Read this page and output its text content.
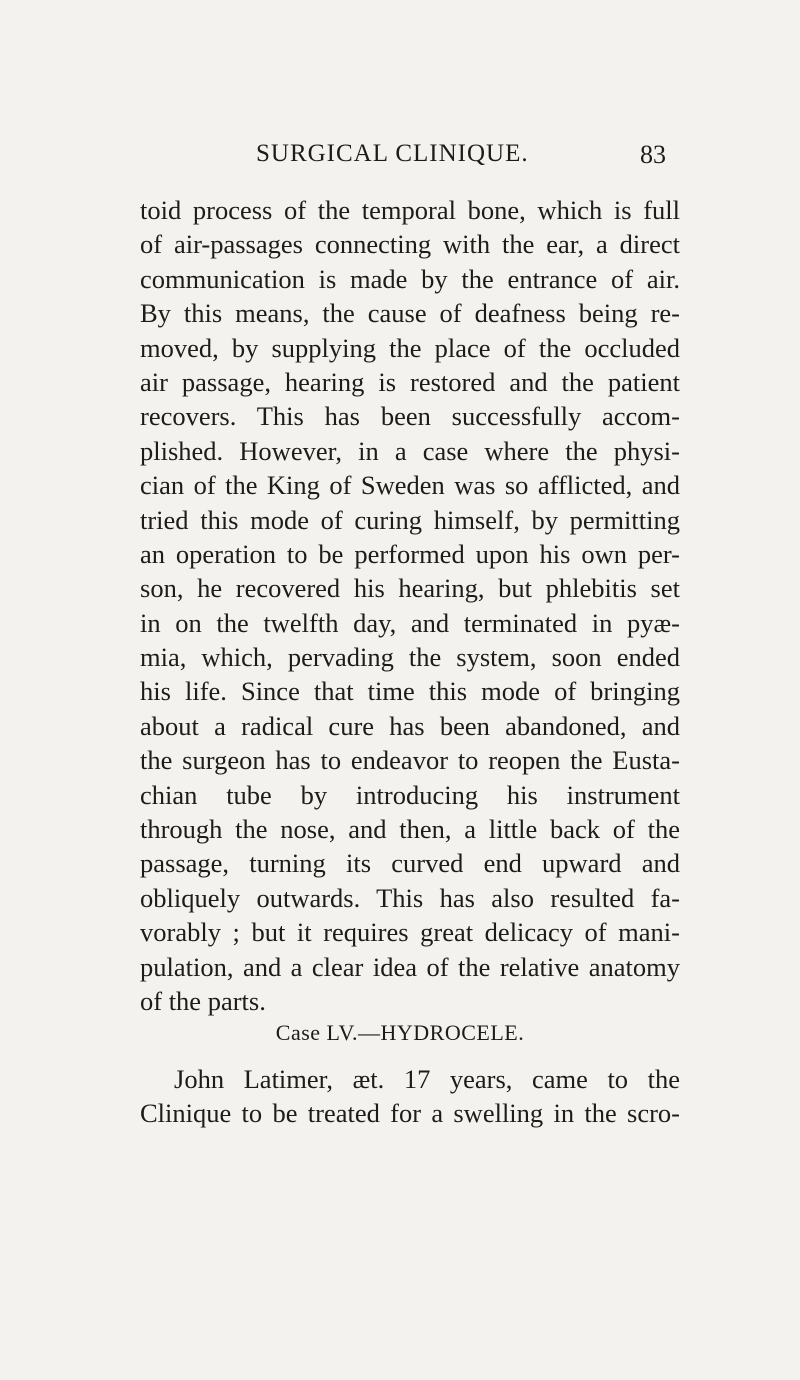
SURGICAL CLINIQUE.	83
toid process of the temporal bone, which is full
of air-passages connecting with the ear, a direct
communication is made by the entrance of air.
By this means, the cause of deafness being re-
moved, by supplying the place of the occluded
air passage, hearing is restored and the patient
recovers. This has been successfully accom-
plished. However, in a case where the physi-
cian of the King of Sweden was so afflicted, and
tried this mode of curing himself, by permitting
an operation to be performed upon his own per-
son, he recovered his hearing, but phlebitis set
in on the twelfth day, and terminated in pyæ-
mia, which, pervading the system, soon ended
his life. Since that time this mode of bringing
about a radical cure has been abandoned, and
the surgeon has to endeavor to reopen the Eusta-
chian tube by introducing his instrument
through the nose, and then, a little back of the
passage, turning its curved end upward and
obliquely outwards. This has also resulted fa-
vorably ; but it requires great delicacy of mani-
pulation, and a clear idea of the relative anatomy
of the parts.
Case LV.—HYDROCELE.
John Latimer, æt. 17 years, came to the
Clinique to be treated for a swelling in the scro-
